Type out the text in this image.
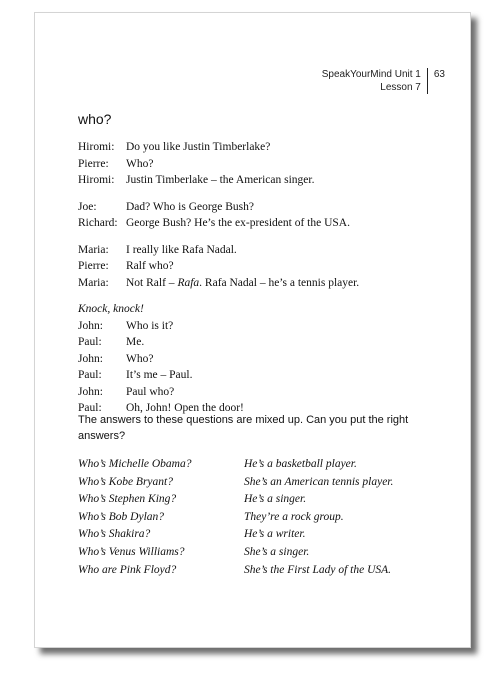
SpeakYourMind Unit 1
Lesson 7
63
who?
Hiromi:	Do you like Justin Timberlake?
Pierre:	Who?
Hiromi:	Justin Timberlake – the American singer.
Joe:	Dad? Who is George Bush?
Richard: George Bush? He’s the ex-president of the USA.
Maria:	I really like Rafa Nadal.
Pierre:	Ralf who?
Maria:	Not Ralf – Rafa. Rafa Nadal – he’s a tennis player.
Knock, knock!
John:	Who is it?
Paul:	Me.
John:	Who?
Paul:	It’s me – Paul.
John:	Paul who?
Paul:	Oh, John! Open the door!
The answers to these questions are mixed up. Can you put the right answers?
Who’s Michelle Obama?	He’s a basketball player.
Who’s Kobe Bryant?	She’s an American tennis player.
Who’s Stephen King?	He’s a singer.
Who’s Bob Dylan?	They’re a rock group.
Who’s Shakira?	He’s a writer.
Who’s Venus Williams?	She’s a singer.
Who are Pink Floyd?	She’s the First Lady of the USA.
